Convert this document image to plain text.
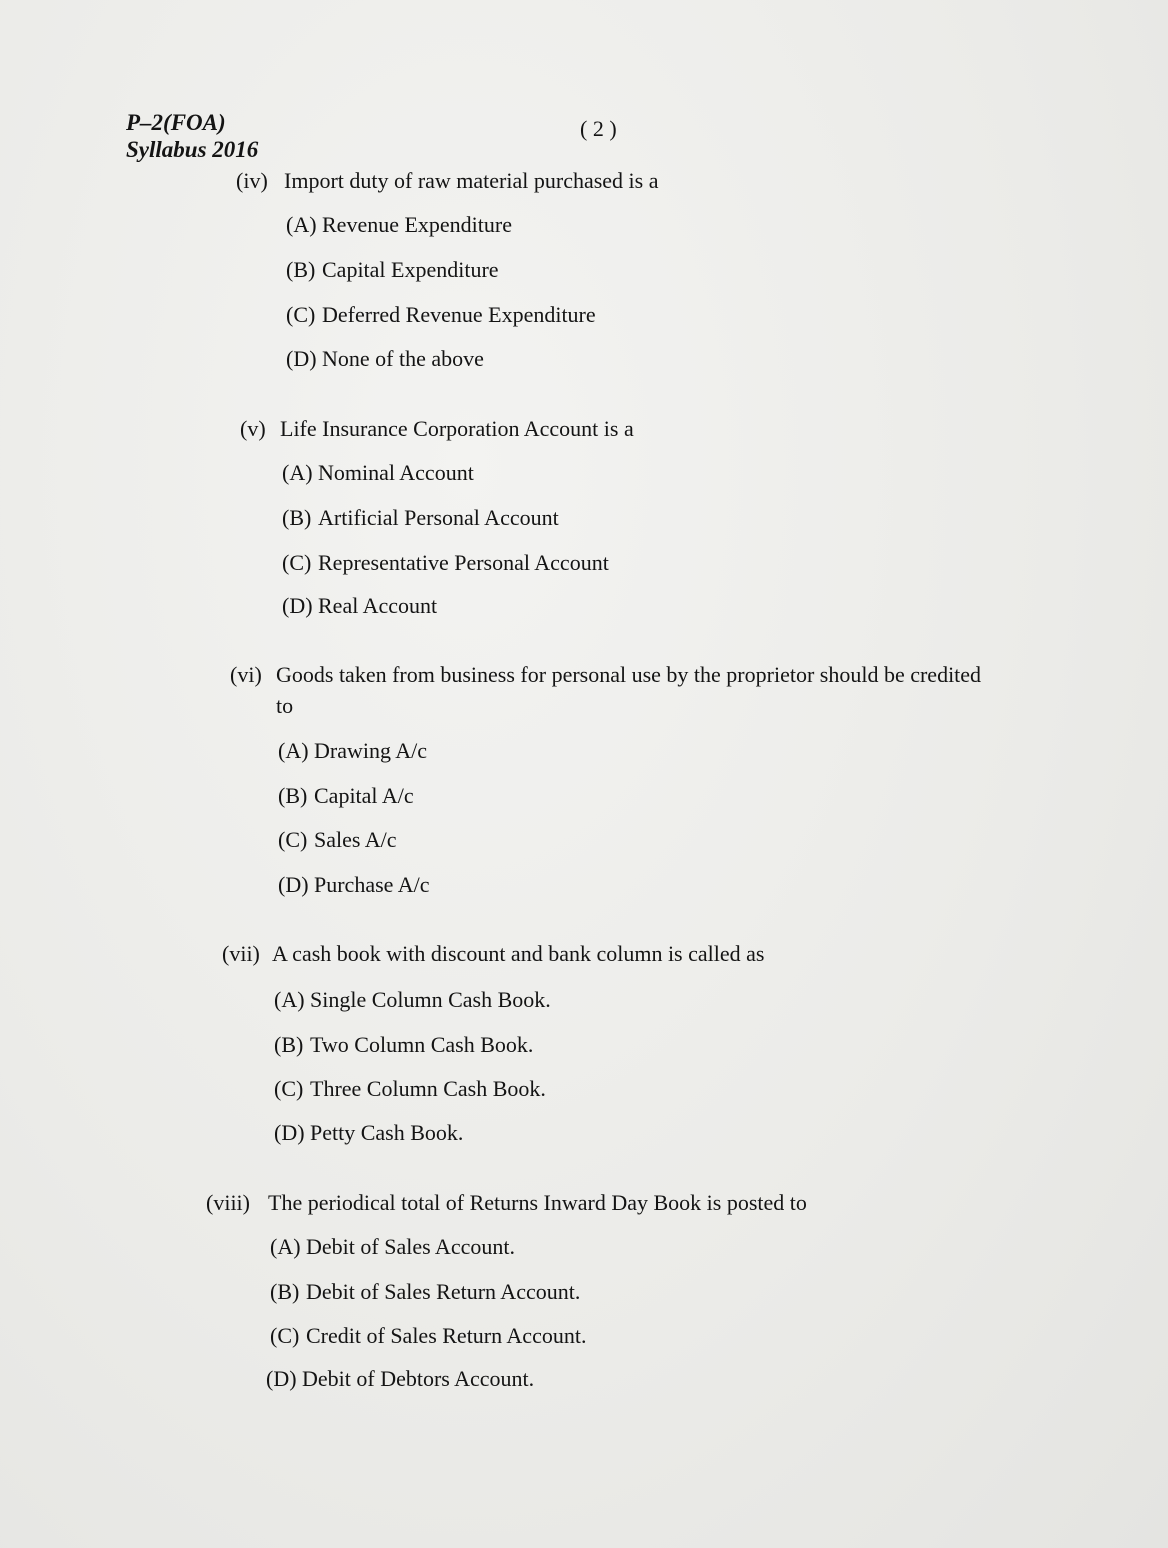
P–2(FOA)
Syllabus 2016
( 2 )
(iv) Import duty of raw material purchased is a
(A) Revenue Expenditure
(B) Capital Expenditure
(C) Deferred Revenue Expenditure
(D) None of the above
(v) Life Insurance Corporation Account is a
(A) Nominal Account
(B) Artificial Personal Account
(C) Representative Personal Account
(D) Real Account
(vi) Goods taken from business for personal use by the proprietor should be credited
to
(A) Drawing A/c
(B) Capital A/c
(C) Sales A/c
(D) Purchase A/c
(vii) A cash book with discount and bank column is called as
(A) Single Column Cash Book.
(B) Two Column Cash Book.
(C) Three Column Cash Book.
(D) Petty Cash Book.
(viii) The periodical total of Returns Inward Day Book is posted to
(A) Debit of Sales Account.
(B) Debit of Sales Return Account.
(C) Credit of Sales Return Account.
(D) Debit of Debtors Account.
